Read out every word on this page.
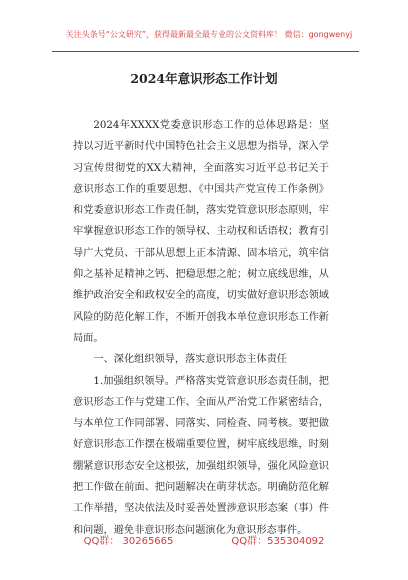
关注头条号“公文研究”，获得最新最全最专业的公文资料库！ 微信：gongwenyj
2024年意识形态工作计划

2024年XXXX党委意识形态工作的总体思路是：坚持以习近平新时代中国特色社会主义思想为指导，深入学习宣传贯彻党的XX大精神，全面落实习近平总书记关于意识形态工作的重要思想、《中国共产党宣传工作条例》和党委意识形态工作责任制，落实党管意识形态原则，牢牢掌握意识形态工作的领导权、主动权和话语权；教育引导广大党员、干部从思想上正本清源、固本培元，筑牢信仰之基补足精神之钙、把稳思想之舵；树立底线思维，从维护政治安全和政权安全的高度，切实做好意识形态领域风险的防范化解工作，不断开创我本单位意识形态工作新局面。

一、深化组织领导，落实意识形态主体责任

1.加强组织领导。严格落实党管意识形态责任制，把意识形态工作与党建工作、全面从严治党工作紧密结合，与本单位工作同部署、同落实、同检查、同考核。要把做好意识形态工作摆在极端重要位置，树牢底线思维，时刻绷紧意识形态安全这根弦，加强组织领导，强化风险意识把工作做在前面、把问题解决在萌芽状态。明确防范化解工作举措，坚决依法及时妥善处置涉意识形态案（事）件和问题，避免非意识形态问题演化为意识形态事件。

QQ群： 30265665	QQ群：535304092
